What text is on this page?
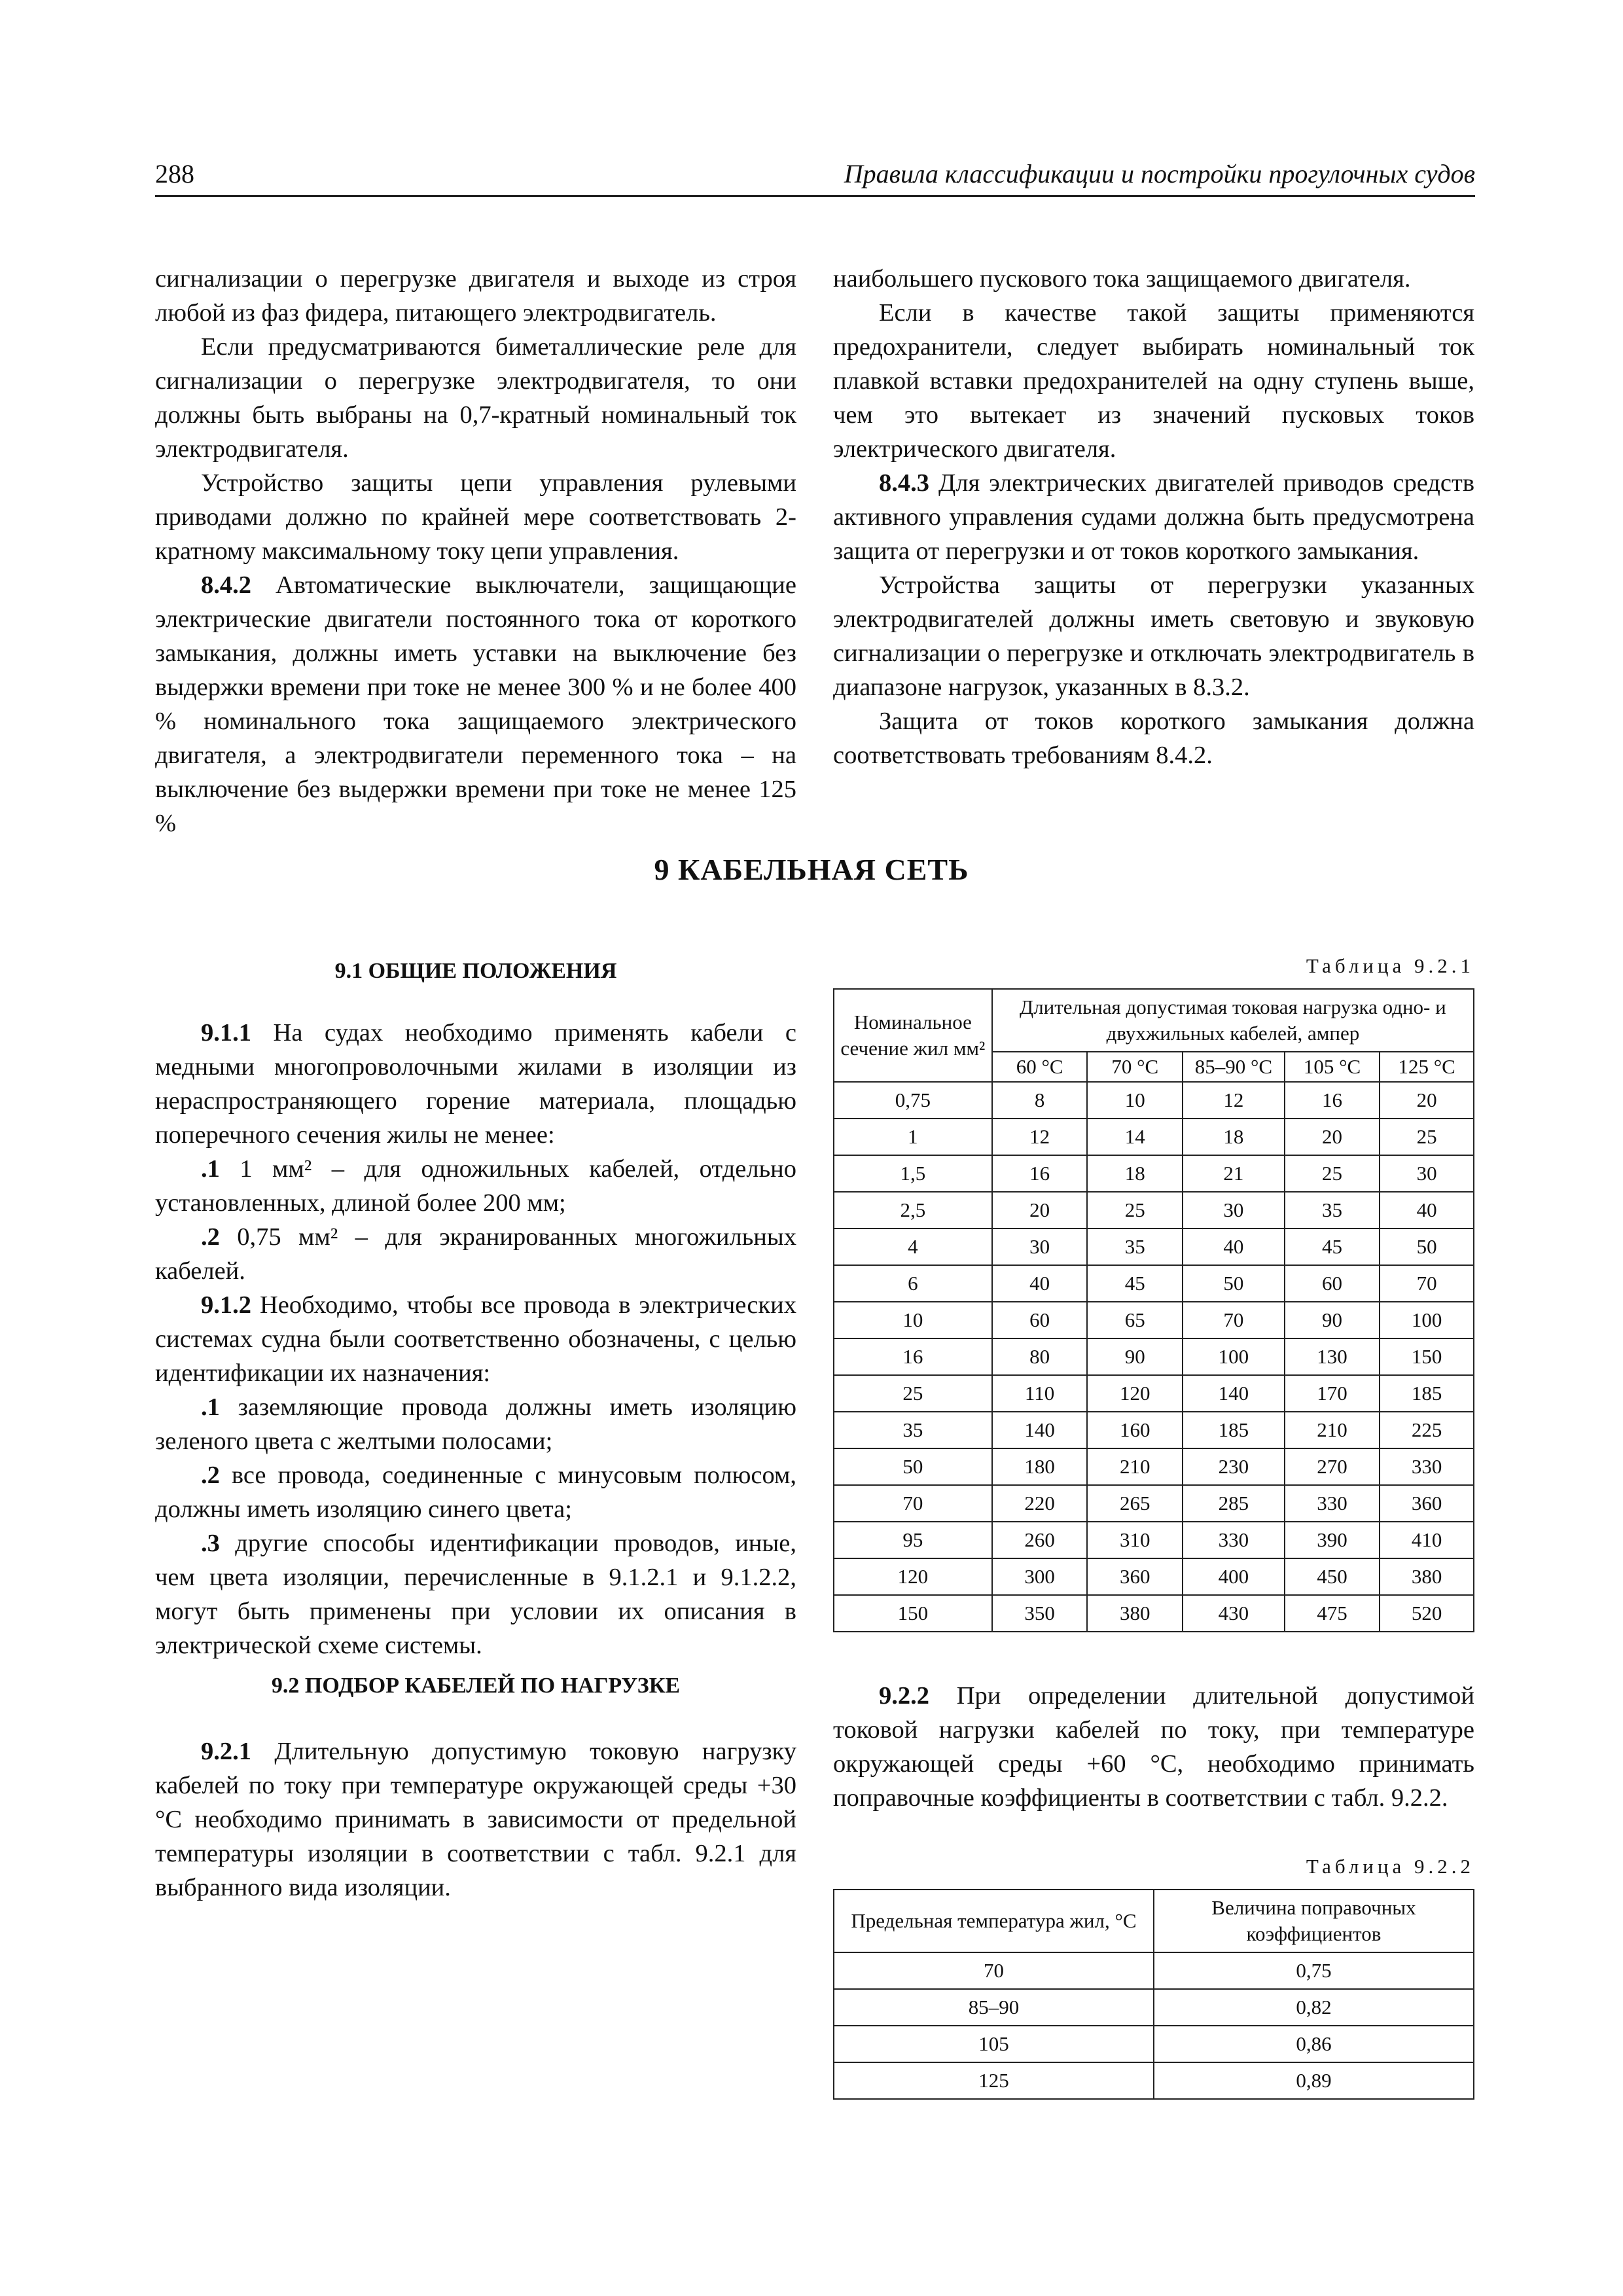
288	Правила классификации и постройки прогулочных судов

сигнализации о перегрузке двигателя и выходе из строя любой из фаз фидера, питающего электродвигатель.

Если предусматриваются биметаллические реле для сигнализации о перегрузке электродвигателя, то они должны быть выбраны на 0,7-кратный номинальный ток электродвигателя.

Устройство защиты цепи управления рулевыми приводами должно по крайней мере соответствовать 2-кратному максимальному току цепи управления.

8.4.2 Автоматические выключатели, защищающие электрические двигатели постоянного тока от короткого замыкания, должны иметь уставки на выключение без выдержки времени при токе не менее 300 % и не более 400 % номинального тока защищаемого электрического двигателя, а электродвигатели переменного тока – на выключение без выдержки времени при токе не менее 125 %

наибольшего пускового тока защищаемого двигателя.

Если в качестве такой защиты применяются предохранители, следует выбирать номинальный ток плавкой вставки предохранителей на одну ступень выше, чем это вытекает из значений пусковых токов электрического двигателя.

8.4.3 Для электрических двигателей приводов средств активного управления судами должна быть предусмотрена защита от перегрузки и от токов короткого замыкания.

Устройства защиты от перегрузки указанных электродвигателей должны иметь световую и звуковую сигнализации о перегрузке и отключать электродвигатель в диапазоне нагрузок, указанных в 8.3.2.

Защита от токов короткого замыкания должна соответствовать требованиям 8.4.2.

9 КАБЕЛЬНАЯ СЕТЬ

9.1 ОБЩИЕ ПОЛОЖЕНИЯ

9.1.1 На судах необходимо применять кабели с медными многопроволочными жилами в изоляции из нераспространяющего горение материала, площадью поперечного сечения жилы не менее:

.1 1 мм² – для одножильных кабелей, отдельно установленных, длиной более 200 мм;

.2 0,75 мм² – для экранированных многожильных кабелей.

9.1.2 Необходимо, чтобы все провода в электрических системах судна были соответственно обозначены, с целью идентификации их назначения:

.1 заземляющие провода должны иметь изоляцию зеленого цвета с желтыми полосами;

.2 все провода, соединенные с минусовым полюсом, должны иметь изоляцию синего цвета;

.3 другие способы идентификации проводов, иные, чем цвета изоляции, перечисленные в 9.1.2.1 и 9.1.2.2, могут быть применены при условии их описания в электрической схеме системы.

9.2 ПОДБОР КАБЕЛЕЙ ПО НАГРУЗКЕ

9.2.1 Длительную допустимую токовую нагрузку кабелей по току при температуре окружающей среды +30 °С необходимо принимать в зависимости от предельной температуры изоляции в соответствии с табл. 9.2.1 для выбранного вида изоляции.

Таблица 9.2.1
Номинальное сечение жил мм²	Длительная допустимая токовая нагрузка одно- и двухжильных кабелей, ампер				
	60 °С	70 °С	85–90 °С	105 °С	125 °С
0,75	8	10	12	16	20
1	12	14	18	20	25
1,5	16	18	21	25	30
2,5	20	25	30	35	40
4	30	35	40	45	50
6	40	45	50	60	70
10	60	65	70	90	100
16	80	90	100	130	150
25	110	120	140	170	185
35	140	160	185	210	225
50	180	210	230	270	330
70	220	265	285	330	360
95	260	310	330	390	410
120	300	360	400	450	380
150	350	380	430	475	520

9.2.2 При определении длительной допустимой токовой нагрузки кабелей по току, при температуре окружающей среды +60 °С, необходимо принимать поправочные коэффициенты в соответствии с табл. 9.2.2.

Таблица 9.2.2
Предельная температура жил, °С	Величина поправочных коэффициентов
70	0,75
85–90	0,82
105	0,86
125	0,89
